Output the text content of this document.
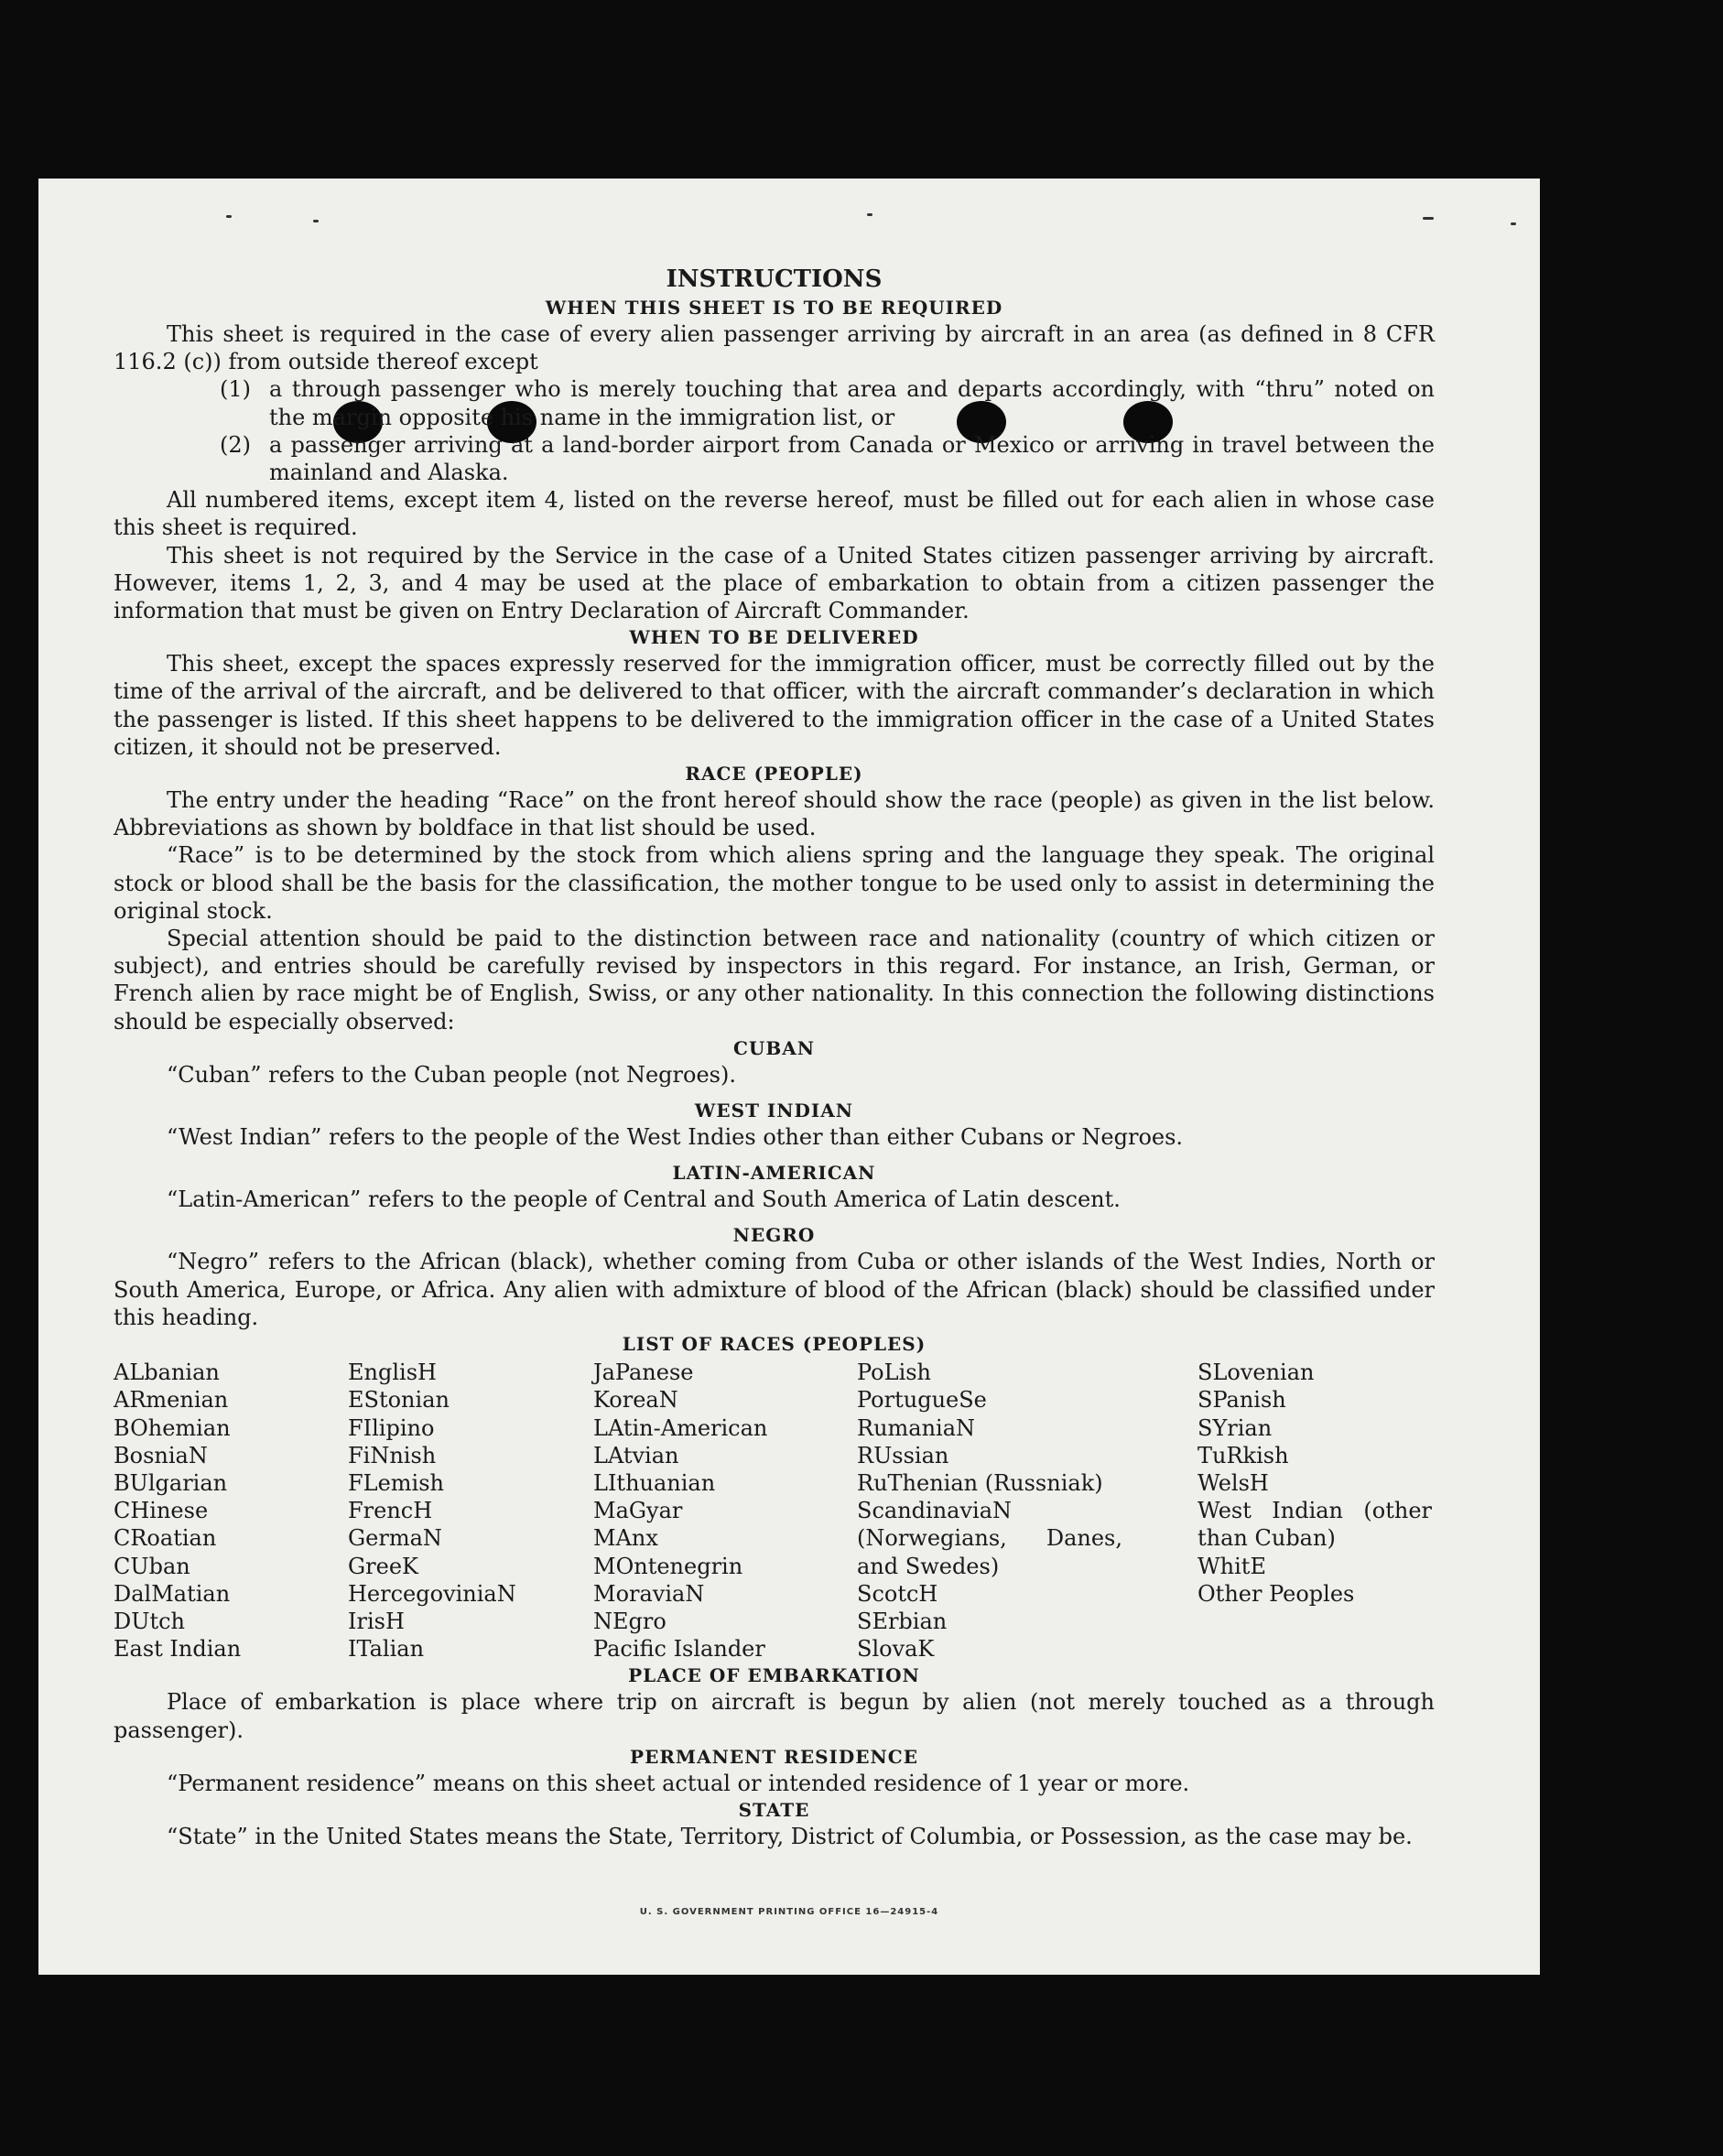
U. S. GOVERNMENT PRINTING OFFICE 16—24915-4
INSTRUCTIONS
WHEN THIS SHEET IS TO BE REQUIRED

This sheet is required in the case of every alien passenger arriving by aircraft in an area (as defined in 8 CFR 116.2 (c)) from outside thereof except

(1) a through passenger who is merely touching that area and departs accordingly, with “thru” noted on the margin opposite his name in the immigration list, or
(2) a passenger arriving at a land-border airport from Canada or Mexico or arriving in travel between the mainland and Alaska.

All numbered items, except item 4, listed on the reverse hereof, must be filled out for each alien in whose case this sheet is required.

This sheet is not required by the Service in the case of a United States citizen passenger arriving by aircraft. However, items 1, 2, 3, and 4 may be used at the place of embarkation to obtain from a citizen passenger the information that must be given on Entry Declaration of Aircraft Commander.

WHEN TO BE DELIVERED

This sheet, except the spaces expressly reserved for the immigration officer, must be correctly filled out by the time of the arrival of the aircraft, and be delivered to that officer, with the aircraft commander’s declaration in which the passenger is listed. If this sheet happens to be delivered to the immigration officer in the case of a United States citizen, it should not be preserved.

RACE (PEOPLE)

The entry under the heading “Race” on the front hereof should show the race (people) as given in the list below. Abbreviations as shown by boldface in that list should be used.

“Race” is to be determined by the stock from which aliens spring and the language they speak. The original stock or blood shall be the basis for the classification, the mother tongue to be used only to assist in determining the original stock.

Special attention should be paid to the distinction between race and nationality (country of which citizen or subject), and entries should be carefully revised by inspectors in this regard. For instance, an Irish, German, or French alien by race might be of English, Swiss, or any other nationality. In this connection the following distinctions should be especially observed:

CUBAN

“Cuban” refers to the Cuban people (not Negroes).

WEST INDIAN

“West Indian” refers to the people of the West Indies other than either Cubans or Negroes.

LATIN-AMERICAN

“Latin-American” refers to the people of Central and South America of Latin descent.

NEGRO

“Negro” refers to the African (black), whether coming from Cuba or other islands of the West Indies, North or South America, Europe, or Africa. Any alien with admixture of blood of the African (black) should be classified under this heading.

LIST OF RACES (PEOPLES)
ALbanian
ARmenian
BOhemian
BosniaN
BUlgarian
CHinese
CRoatian
CUban
DalMatian
DUtch
East Indian
EnglisH
EStonian
FIlipino
FiNnish
FLemish
FrencH
GermaN
GreeK
HercegoviniaN
IrisH
ITalian
JaPanese
KoreaN
LAtin-American
LAtvian
LIthuanian
MaGyar
MAnx
MOntenegrin
MoraviaN
NEgro
Pacific Islander
PoLish
PortugueSe
RumaniaN
RUssian
RuThenian (Russniak)
ScandinaviaN (Norwegians, Danes, and Swedes)
ScotcH
SErbian
SlovaK
SLovenian
SPanish
SYrian
TuRkish
WelsH
West Indian (other than Cuban)
WhitE
Other Peoples
PLACE OF EMBARKATION

Place of embarkation is place where trip on aircraft is begun by alien (not merely touched as a through passenger).

PERMANENT RESIDENCE

“Permanent residence” means on this sheet actual or intended residence of 1 year or more.

STATE

“State” in the United States means the State, Territory, District of Columbia, or Possession, as the case may be.
